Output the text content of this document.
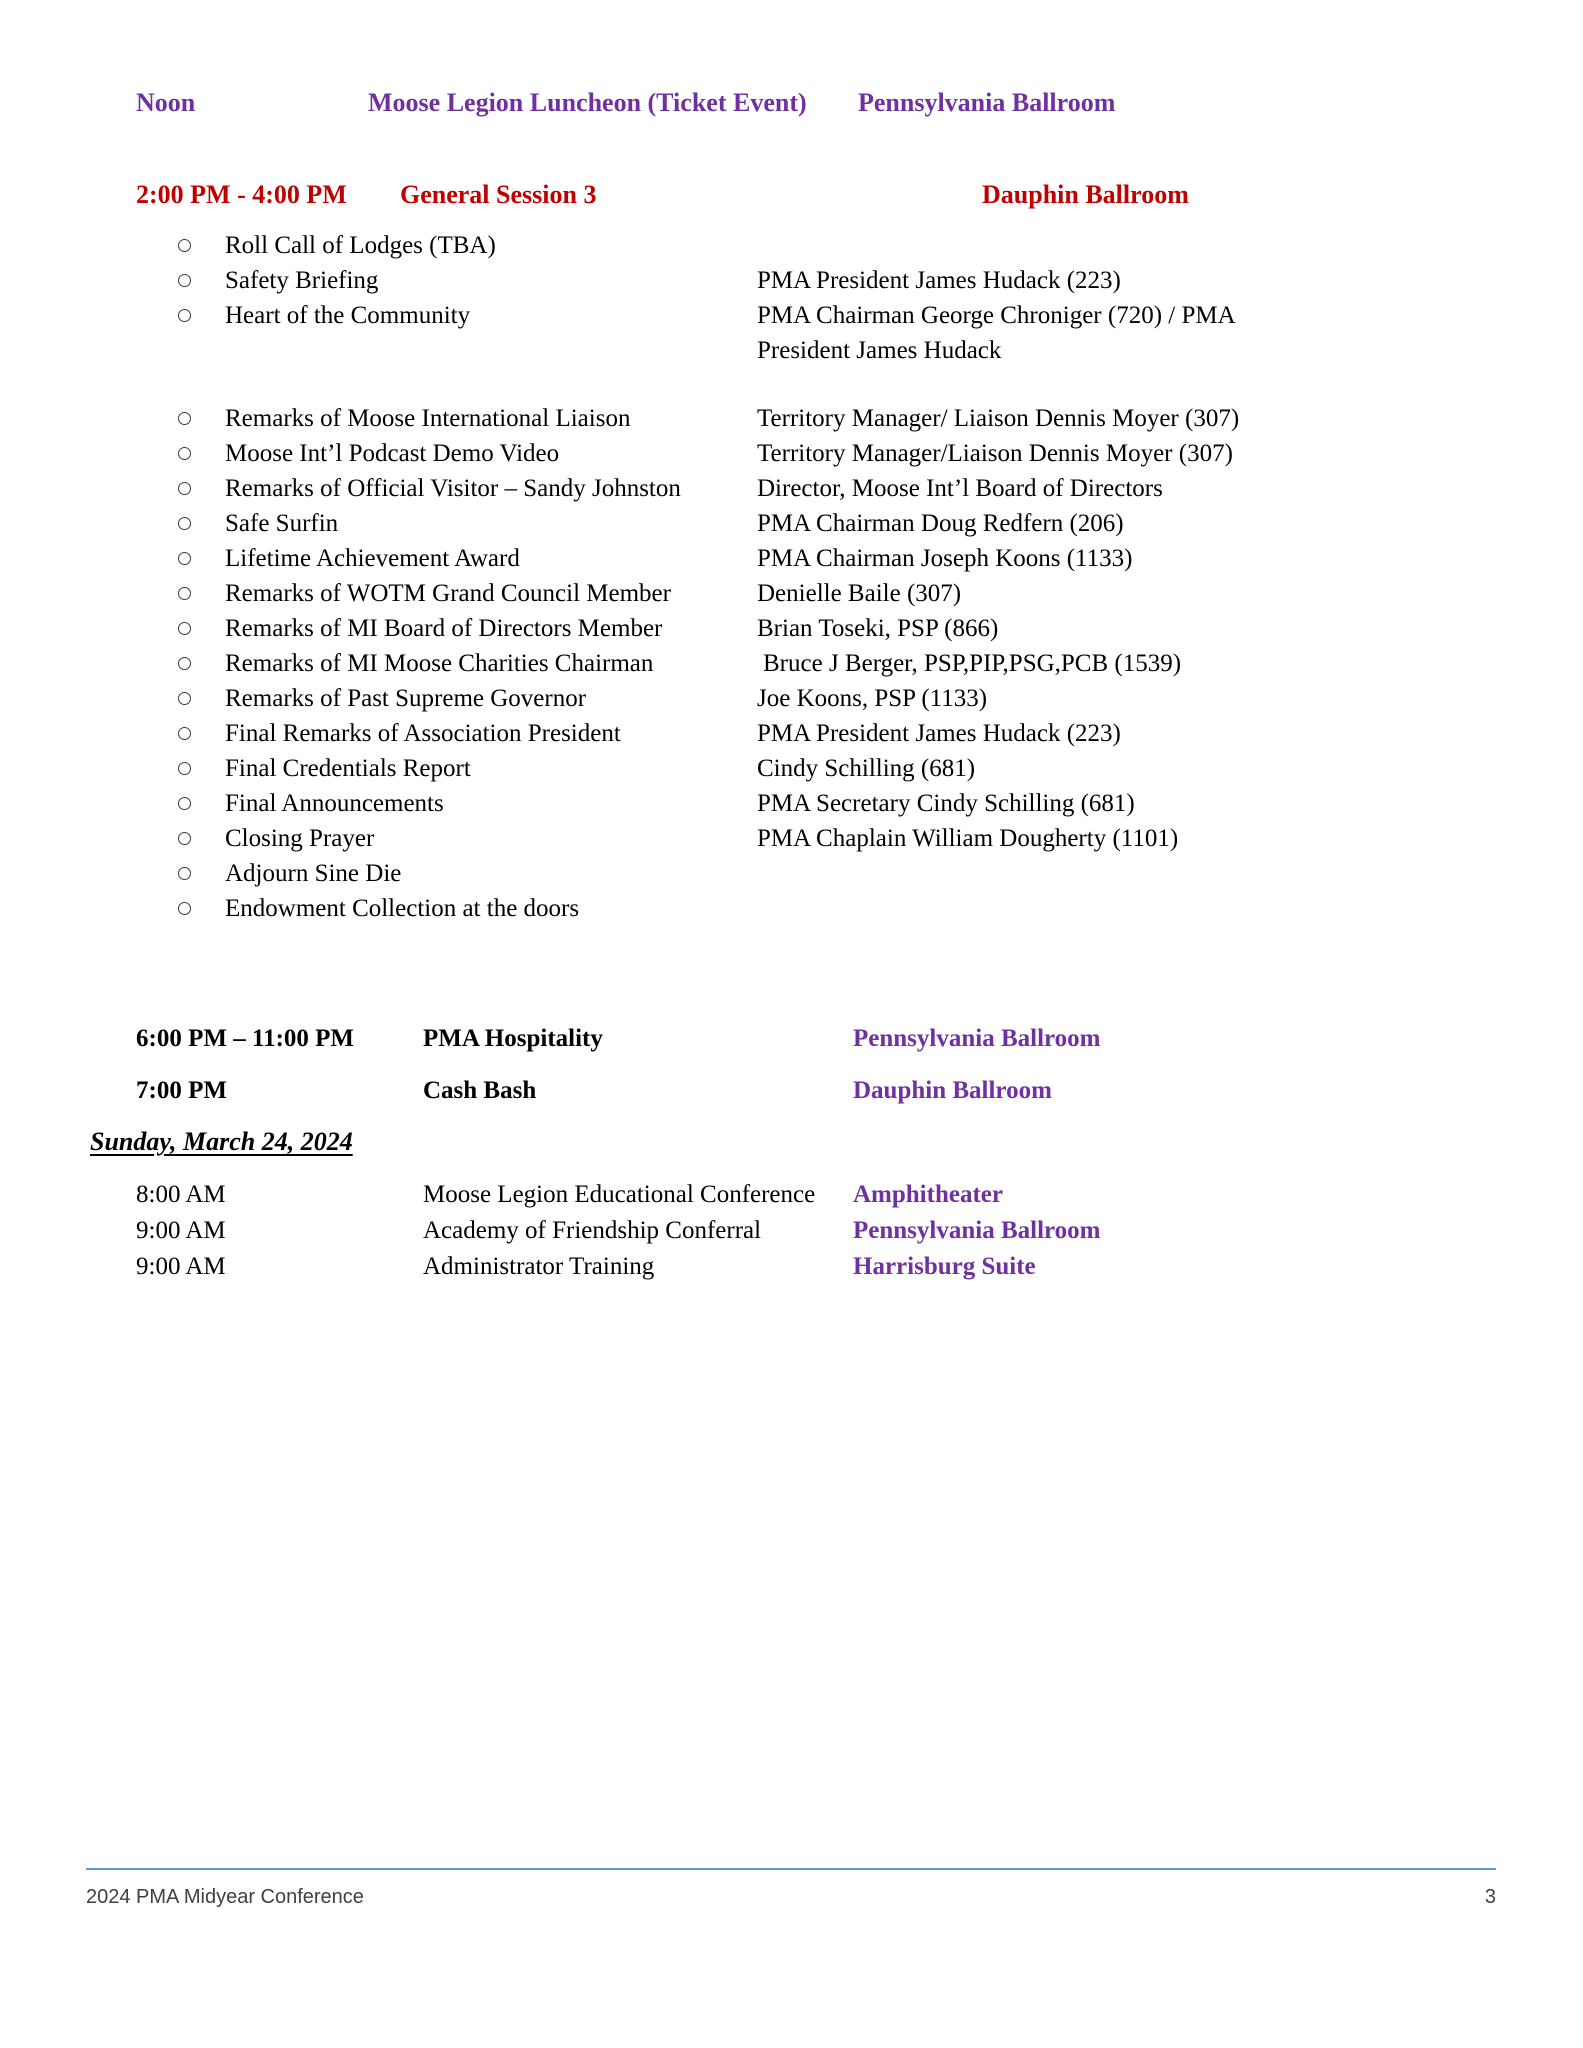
Noon	Moose Legion Luncheon (Ticket Event)	Pennsylvania Ballroom
2:00 PM - 4:00 PM	General Session 3	Dauphin Ballroom
Roll Call of Lodges (TBA)
Safety Briefing	PMA President James Hudack (223)
Heart of the Community	PMA Chairman George Chroniger (720) / PMA
President James Hudack
Remarks of Moose International Liaison	Territory Manager/ Liaison Dennis Moyer (307)
Moose Int’l Podcast Demo Video	Territory Manager/Liaison Dennis Moyer (307)
Remarks of Official Visitor – Sandy Johnston	Director, Moose Int’l Board of Directors
Safe Surfin	PMA Chairman Doug Redfern (206)
Lifetime Achievement Award	PMA Chairman Joseph Koons (1133)
Remarks of WOTM Grand Council Member	Denielle Baile (307)
Remarks of MI Board of Directors Member	Brian Toseki, PSP (866)
Remarks of MI Moose Charities Chairman	Bruce J Berger, PSP,PIP,PSG,PCB (1539)
Remarks of Past Supreme Governor	Joe Koons, PSP (1133)
Final Remarks of Association President	PMA President James Hudack (223)
Final Credentials Report	Cindy Schilling (681)
Final Announcements	PMA Secretary Cindy Schilling (681)
Closing Prayer	PMA Chaplain William Dougherty (1101)
Adjourn Sine Die
Endowment Collection at the doors
6:00 PM – 11:00 PM	PMA Hospitality	Pennsylvania Ballroom
7:00 PM	Cash Bash	Dauphin Ballroom
Sunday, March 24, 2024
8:00 AM	Moose Legion Educational Conference	Amphitheater
9:00 AM	Academy of Friendship Conferral	Pennsylvania Ballroom
9:00 AM	Administrator Training	Harrisburg Suite
2024 PMA Midyear Conference	3
